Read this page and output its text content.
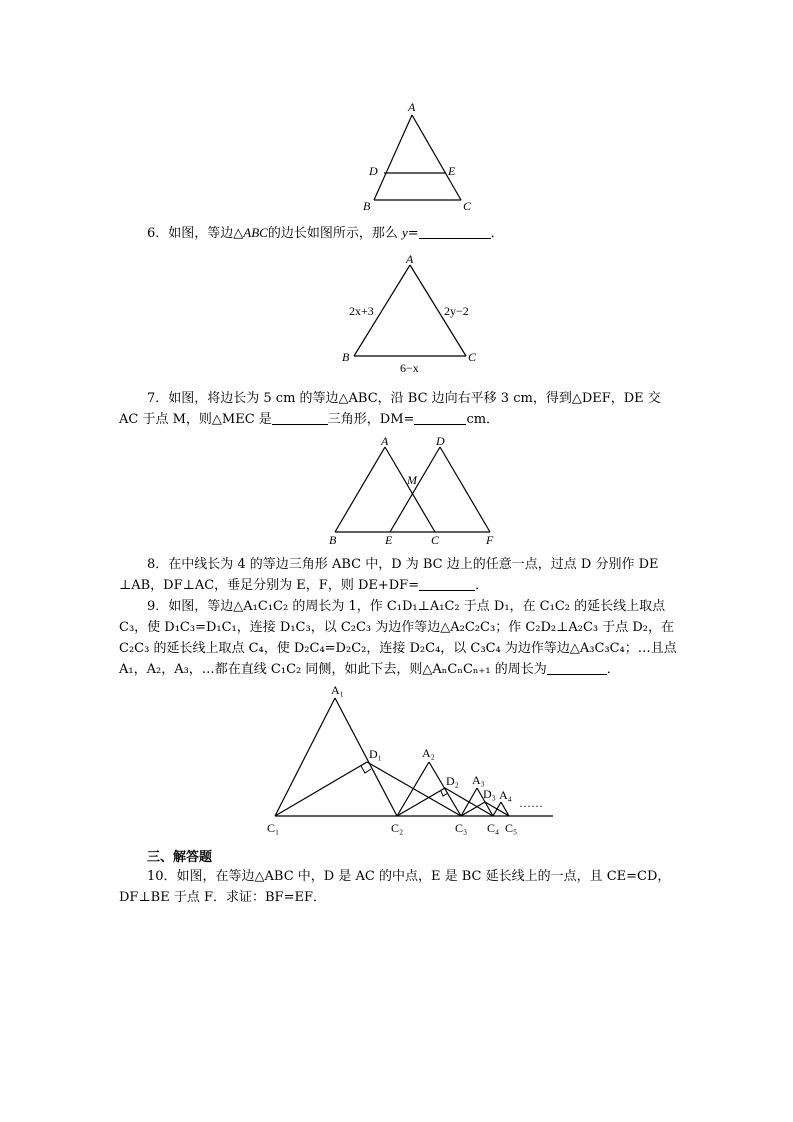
A
D	E
B	C

6．如图，等边△ABC的边长如图所示，那么 y=	．

A
B	C
2x+3	2y−2
6−x

7．如图，将边长为 5 cm 的等边△ABC，沿 BC 边向右平移 3 cm，得到△DEF，DE 交

AC 于点 M，则△MEC 是	三角形，DM=	cm．

A	D
M
B	E	C	F

8．在中线长为 4 的等边三角形 ABC 中，D 为 BC 边上的任意一点，过点 D 分别作 DE

⊥AB，DF⊥AC，垂足分别为 E，F，则 DE+DF=	．

9．如图，等边△A₁C₁C₂ 的周长为 1，作 C₁D₁⊥A₁C₂ 于点 D₁，在 C₁C₂ 的延长线上取点

C₃，使 D₁C₃=D₁C₁，连接 D₁C₃，以 C₂C₃ 为边作等边△A₂C₂C₃；作 C₂D₂⊥A₂C₃ 于点 D₂，在

C₂C₃ 的延长线上取点 C₄，使 D₂C₄=D₂C₂，连接 D₂C₄，以 C₃C₄ 为边作等边△A₃C₃C₄；…且点

A₁，A₂，A₃，…都在直线 C₁C₂ 同侧，如此下去，则△AₙCₙCₙ₊₁ 的周长为	．

A₁
D₁	A₂
D₂ A₃
D₃ A₄
……
C₁	C₂	C₃ C₄ C₅
三、解答题

10．如图，在等边△ABC 中，D 是 AC 的中点，E 是 BC 延长线上的一点，且 CE=CD，

DF⊥BE 于点 F．求证：BF=EF．
